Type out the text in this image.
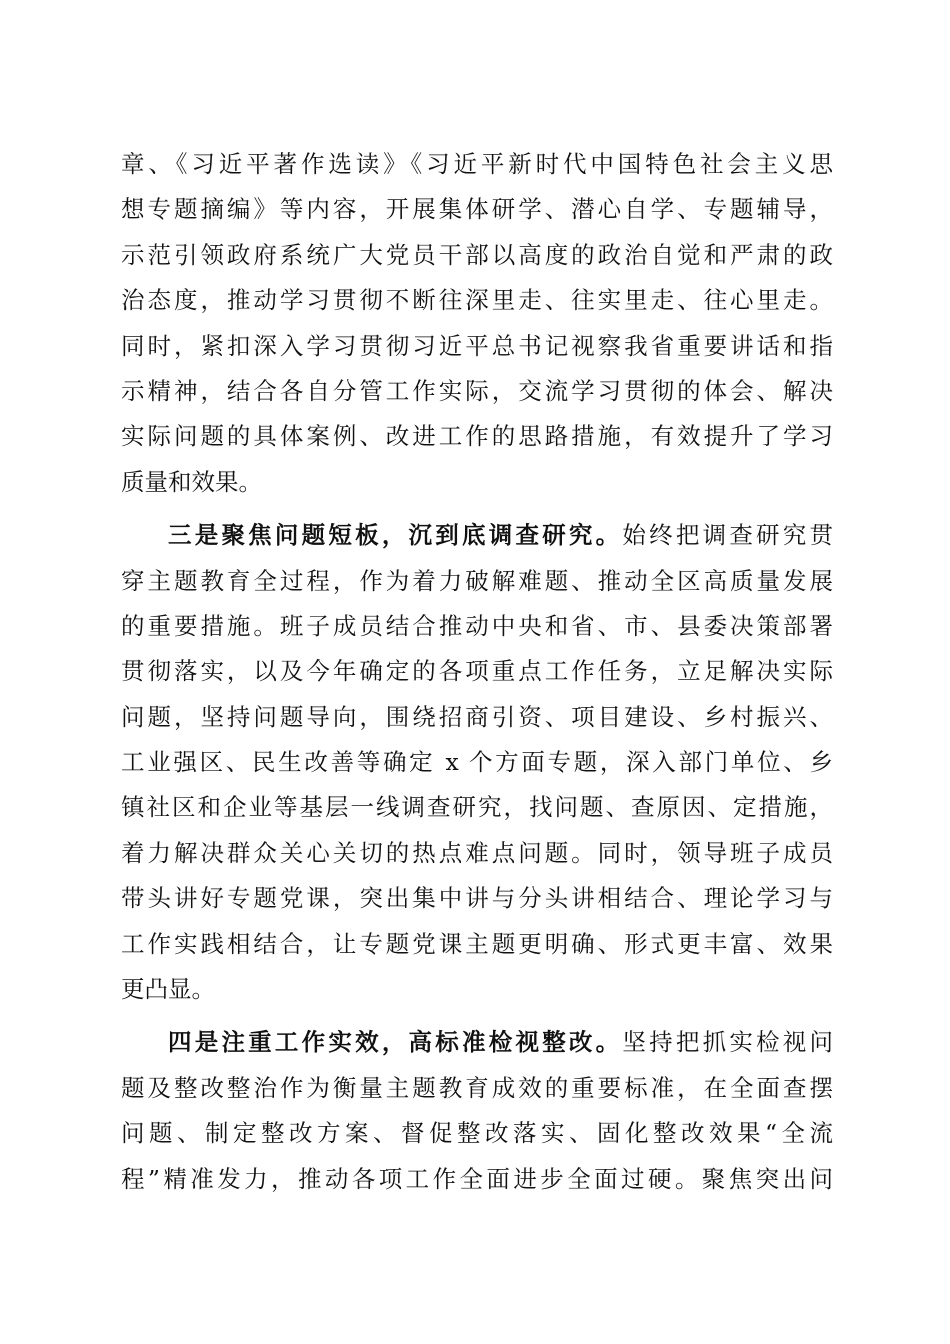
章、《习近平著作选读》《习近平新时代中国特色社会主义思
想专题摘编》等内容，开展集体研学、潜心自学、专题辅导，
示范引领政府系统广大党员干部以高度的政治自觉和严肃的政
治态度，推动学习贯彻不断往深里走、往实里走、往心里走。
同时，紧扣深入学习贯彻习近平总书记视察我省重要讲话和指
示精神，结合各自分管工作实际，交流学习贯彻的体会、解决
实际问题的具体案例、改进工作的思路措施，有效提升了学习
质量和效果。
三是聚焦问题短板，沉到底调查研究。始终把调查研究贯
穿主题教育全过程，作为着力破解难题、推动全区高质量发展
的重要措施。班子成员结合推动中央和省、市、县委决策部署
贯彻落实，以及今年确定的各项重点工作任务，立足解决实际
问题，坚持问题导向，围绕招商引资、项目建设、乡村振兴、
工业强区、民生改善等确定 x 个方面专题，深入部门单位、乡
镇社区和企业等基层一线调查研究，找问题、查原因、定措施，
着力解决群众关心关切的热点难点问题。同时，领导班子成员
带头讲好专题党课，突出集中讲与分头讲相结合、理论学习与
工作实践相结合，让专题党课主题更明确、形式更丰富、效果
更凸显。
四是注重工作实效，高标准检视整改。坚持把抓实检视问
题及整改整治作为衡量主题教育成效的重要标准，在全面查摆
问题、制定整改方案、督促整改落实、固化整改效果“全流
程”精准发力，推动各项工作全面进步全面过硬。聚焦突出问
